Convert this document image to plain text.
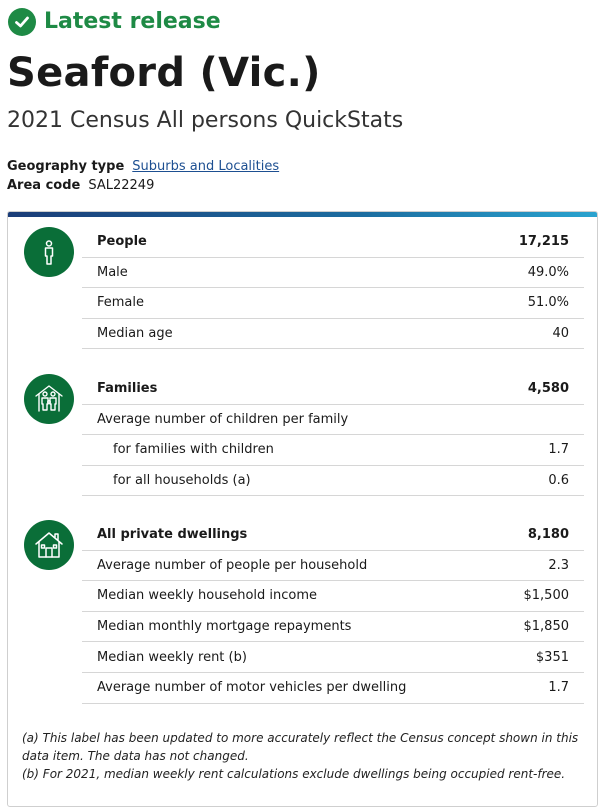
Latest release
Seaford (Vic.)
2021 Census All persons QuickStats
Geography type Suburbs and Localities
Area code SAL22249
People	17,215
Male	49.0%
Female	51.0%
Median age	40
Families	4,580
Average number of children per family
for families with children	1.7
for all households (a)	0.6
All private dwellings	8,180
Average number of people per household	2.3
Median weekly household income	$1,500
Median monthly mortgage repayments	$1,850
Median weekly rent (b)	$351
Average number of motor vehicles per dwelling	1.7

(a) This label has been updated to more accurately reflect the Census concept shown in this data item. The data has not changed.

(b) For 2021, median weekly rent calculations exclude dwellings being occupied rent-free.
